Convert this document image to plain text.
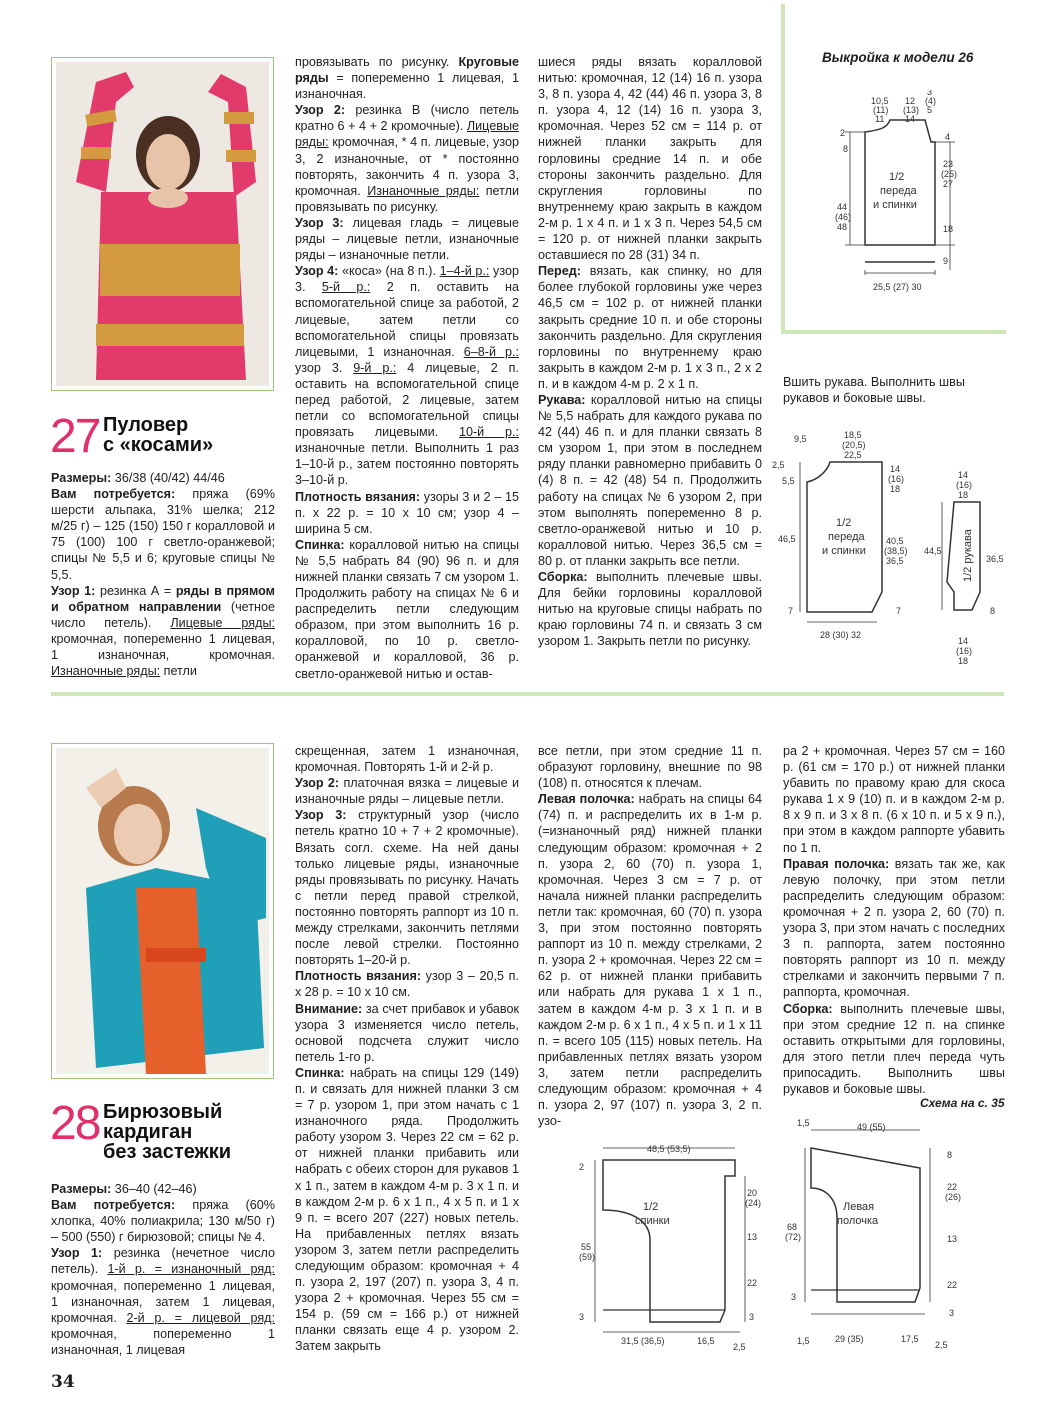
27 Пуловер
с «косами»

Размеры: 36/38 (40/42) 44/46

Вам потребуется: пряжа (69% шерсти альпака, 31% шелка; 212 м/25 г) – 125 (150) 150 г коралловой и 75 (100) 100 г светло-оранжевой; спицы № 5,5 и 6; круговые спицы № 5,5.

Узор 1: резинка А = ряды в прямом и обратном направлении (четное число петель). Лицевые ряды: кромочная, попеременно 1 лицевая, 1 изнаночная, кромочная. Изнаночные ряды: петли

провязывать по рисунку. Круговые ряды = попеременно 1 лицевая, 1 изнаночная.

Узор 2: резинка В (число петель кратно 6 + 4 + 2 кромочные). Лицевые ряды: кромочная, * 4 п. лицевые, узор 3, 2 изнаночные, от * постоянно повторять, закончить 4 п. узора 3, кромочная. Изнаночные ряды: петли провязывать по рисунку.

Узор 3: лицевая гладь = лицевые ряды – лицевые петли, изнаночные ряды – изнаночные петли.

Узор 4: «коса» (на 8 п.). 1–4-й р.: узор 3. 5-й р.: 2 п. оставить на вспомогательной спице за работой, 2 лицевые, затем петли со вспомогательной спицы провязать лицевыми, 1 изнаночная. 6–8-й р.: узор 3. 9-й р.: 4 лицевые, 2 п. оставить на вспомогательной спице перед работой, 2 лицевые, затем петли со вспомогательной спицы провязать лицевыми. 10-й р.: изнаночные петли. Выполнить 1 раз 1–10-й р., затем постоянно повторять 3–10-й р.

Плотность вязания: узоры 3 и 2 – 15 п. х 22 р. = 10 х 10 см; узор 4 – ширина 5 см.

Спинка: коралловой нитью на спицы № 5,5 набрать 84 (90) 96 п. и для нижней планки связать 7 см узором 1. Продолжить работу на спицах № 6 и распределить петли следующим образом, при этом выполнить 16 р. коралловой, по 10 р. светло-оранжевой и коралловой, 36 р. светло-оранжевой нитью и остав-

шиеся ряды вязать коралловой нитью: кромочная, 12 (14) 16 п. узора 3, 8 п. узора 4, 42 (44) 46 п. узора 3, 8 п. узора 4, 12 (14) 16 п. узора 3, кромочная. Через 52 см = 114 р. от нижней планки закрыть для горловины средние 14 п. и обе стороны закончить раздельно. Для скругления горловины по внутреннему краю закрыть в каждом 2-м р. 1 х 4 п. и 1 х 3 п. Через 54,5 см = 120 р. от нижней планки закрыть оставшиеся по 28 (31) 34 п.

Перед: вязать, как спинку, но для более глубокой горловины уже через 46,5 см = 102 р. от нижней планки закрыть средние 10 п. и обе стороны закончить раздельно. Для скругления горловины по внутреннему краю закрыть в каждом 2-м р. 1 х 3 п., 2 х 2 п. и в каждом 4-м р. 2 х 1 п.

Рукава: коралловой нитью на спицы № 5,5 набрать для каждого рукава по 42 (44) 46 п. и для планки связать 8 см узором 1, при этом в последнем ряду планки равномерно прибавить 0 (4) 8 п. = 42 (48) 54 п. Продолжить работу на спицах № 6 узором 2, при этом выполнять попеременно 8 р. светло-оранжевой нитью и 10 р. коралловой нитью. Через 36,5 см = 80 р. от планки закрыть все петли.

Сборка: выполнить плечевые швы. Для бейки горловины коралловой нитью на круговые спицы набрать по краю горловины 74 п. и связать 3 см узором 1. Закрыть петли по рисунку.

Выкройка к модели 26
10,5
(11)
11
12
(13)
14
3
(4)
5
2
8
44
(46)
48
4
23
(25)
27
18
9
25,5 (27) 30
1/2
переда
и спинки

Вшить рукава. Выполнить швы рукавов и боковые швы.

9,5	18,5
(20,5)
22,5
2,5
5,5
46,5
7
14
(16)
18
40,5
(38,5)
36,5
7
28 (30) 32
1/2
переда
и спинки
14
(16)
18
44,5
36,5
8
14
(16)
18
1/2 рукава
28 Бирюзовый
кардиган
без застежки

Размеры: 36–40 (42–46)

Вам потребуется: пряжа (60% хлопка, 40% полиакрила; 130 м/50 г) – 500 (550) г бирюзовой; спицы № 4.

Узор 1: резинка (нечетное число петель). 1-й р. = изнаночный ряд: кромочная, попеременно 1 лицевая, 1 изнаночная, затем 1 лицевая, кромочная. 2-й р. = лицевой ряд: кромочная, попеременно 1 изнаночная, 1 лицевая

скрещенная, затем 1 изнаночная, кромочная. Повторять 1-й и 2-й р.

Узор 2: платочная вязка = лицевые и изнаночные ряды – лицевые петли.

Узор 3: структурный узор (число петель кратно 10 + 7 + 2 кромочные). Вязать согл. схеме. На ней даны только лицевые ряды, изнаночные ряды провязывать по рисунку. Начать с петли перед правой стрелкой, постоянно повторять раппорт из 10 п. между стрелками, закончить петлями после левой стрелки. Постоянно повторять 1–20-й р.

Плотность вязания: узор 3 – 20,5 п. х 28 р. = 10 х 10 см.

Внимание: за счет прибавок и убавок узора 3 изменяется число петель, основой подсчета служит число петель 1-го р.

Спинка: набрать на спицы 129 (149) п. и связать для нижней планки 3 см = 7 р. узором 1, при этом начать с 1 изнаночного ряда. Продолжить работу узором 3. Через 22 см = 62 р. от нижней планки прибавить или набрать с обеих сторон для рукавов 1 х 1 п., затем в каждом 4-м р. 3 х 1 п. и в каждом 2-м р. 6 х 1 п., 4 х 5 п. и 1 х 9 п. = всего 207 (227) новых петель. На прибавленных петлях вязать узором 3, затем петли распределить следующим образом: кромочная + 4 п. узора 2, 197 (207) п. узора 3, 4 п. узора 2 + кромочная. Через 55 см = 154 р. (59 см = 166 р.) от нижней планки связать еще 4 р. узором 2. Затем закрыть

все петли, при этом средние 11 п. образуют горловину, внешние по 98 (108) п. относятся к плечам.

Левая полочка: набрать на спицы 64 (74) п. и распределить их в 1-м р. (=изнаночный ряд) нижней планки следующим образом: кромочная + 2 п. узора 2, 60 (70) п. узора 1, кромочная. Через 3 см = 7 р. от начала нижней планки распределить петли так: кромочная, 60 (70) п. узора 3, при этом постоянно повторять раппорт из 10 п. между стрелками, 2 п. узора 2 + кромочная. Через 22 см = 62 р. от нижней планки прибавить или набрать для рукава 1 х 1 п., затем в каждом 4-м р. 3 х 1 п. и в каждом 2-м р. 6 х 1 п., 4 х 5 п. и 1 х 11 п. = всего 105 (115) новых петель. На прибавленных петлях вязать узором 3, затем петли распределить следующим образом: кромочная + 4 п. узора 2, 97 (107) п. узора 3, 2 п. узо-

ра 2 + кромочная. Через 57 см = 160 р. (61 см = 170 р.) от нижней планки убавить по правому краю для скоса рукава 1 х 9 (10) п. и в каждом 2-м р. 8 х 9 п. и 3 х 8 п. (6 х 10 п. и 5 х 9 п.), при этом в каждом раппорте убавить по 1 п.

Правая полочка: вязать так же, как левую полочку, при этом петли распределить следующим образом: кромочная + 2 п. узора 2, 60 (70) п. узора 3, при этом начать с последних 3 п. раппорта, затем постоянно повторять раппорт из 10 п. между стрелками и закончить первыми 7 п. раппорта, кромочная.

Сборка: выполнить плечевые швы, при этом средние 12 п. на спинке оставить открытыми для горловины, для этого петли плеч переда чуть припосадить. Выполнить швы рукавов и боковые швы.

Схема на с. 35
48,5 (53,5)
2
55
(59)
3
20
(24)
13
22
3
31,5 (36,5)	16,5
2,5
1/2
спинки
1,5	49 (55)
68
(72)
3
8
22
(26)
13
22
3
1,5	29 (35)	17,5
2,5
Левая
полочка
34
